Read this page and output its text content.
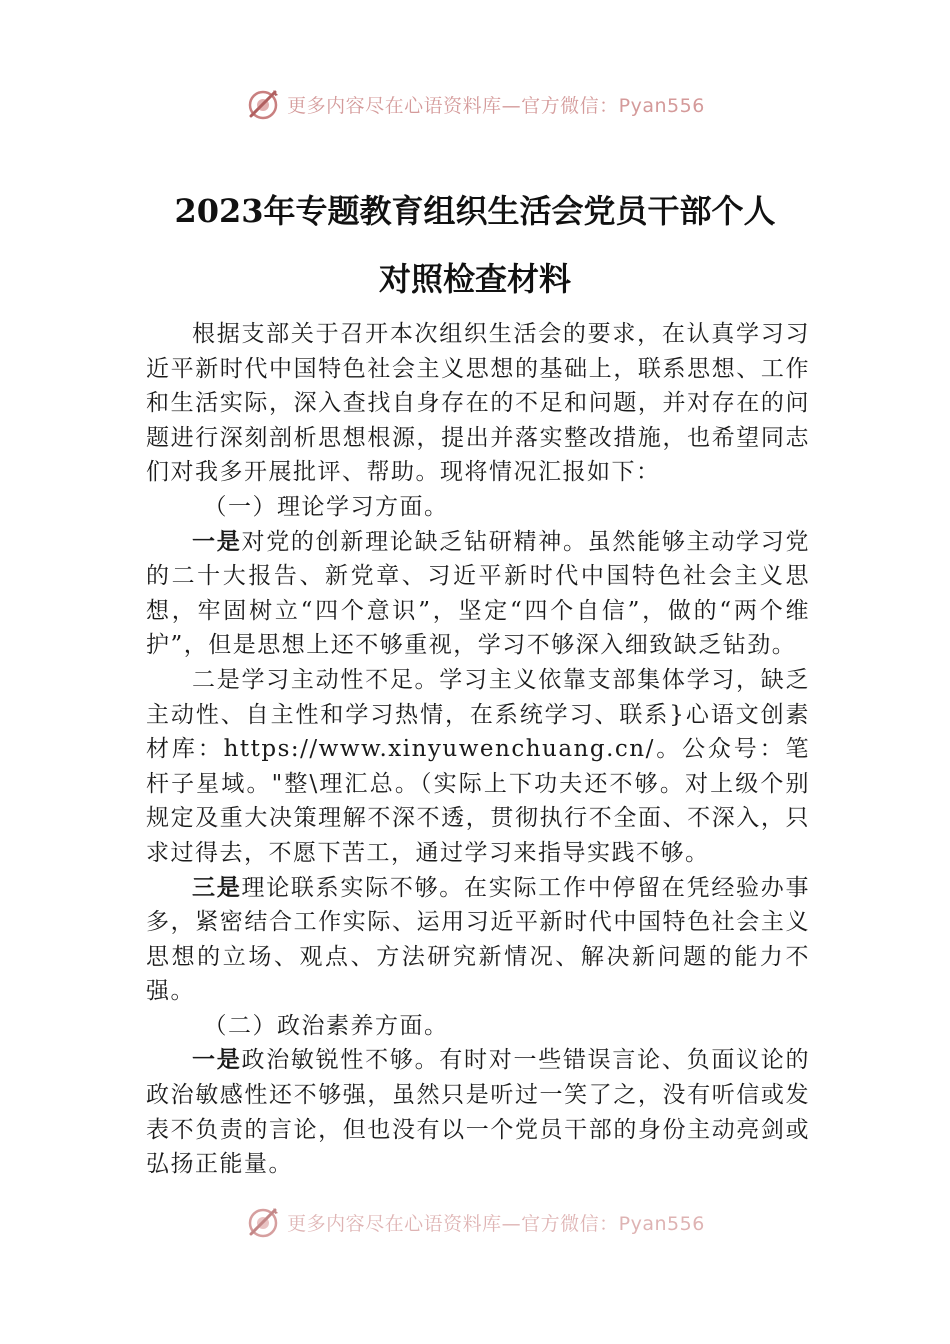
更多内容尽在心语资料库—官方微信：Pyan556
2023年专题教育组织生活会党员干部个人
对照检查材料

根据支部关于召开本次组织生活会的要求，在认真学习习近平新时代中国特色社会主义思想的基础上，联系思想、工作和生活实际，深入查找自身存在的不足和问题，并对存在的问题进行深刻剖析思想根源，提出并落实整改措施，也希望同志们对我多开展批评、帮助。现将情况汇报如下：

（一）理论学习方面。

一是对党的创新理论缺乏钻研精神。虽然能够主动学习党的二十大报告、新党章、习近平新时代中国特色社会主义思想，牢固树立“四个意识”，坚定“四个自信”，做的“两个维护”，但是思想上还不够重视，学习不够深入细致缺乏钻劲。

二是学习主动性不足。学习主义依靠支部集体学习，缺乏主动性、自主性和学习热情，在系统学习、联系}心语文创素材库：https://www.xinyuwenchuang.cn/。公众号：笔杆子星域。"整\理汇总。（实际上下功夫还不够。对上级个别规定及重大决策理解不深不透，贯彻执行不全面、不深入，只求过得去，不愿下苦工，通过学习来指导实践不够。

三是理论联系实际不够。在实际工作中停留在凭经验办事多，紧密结合工作实际、运用习近平新时代中国特色社会主义思想的立场、观点、方法研究新情况、解决新问题的能力不强。

（二）政治素养方面。

一是政治敏锐性不够。有时对一些错误言论、负面议论的政治敏感性还不够强，虽然只是听过一笑了之，没有听信或发表不负责的言论，但也没有以一个党员干部的身份主动亮剑或弘扬正能量。

更多内容尽在心语资料库—官方微信：Pyan556
